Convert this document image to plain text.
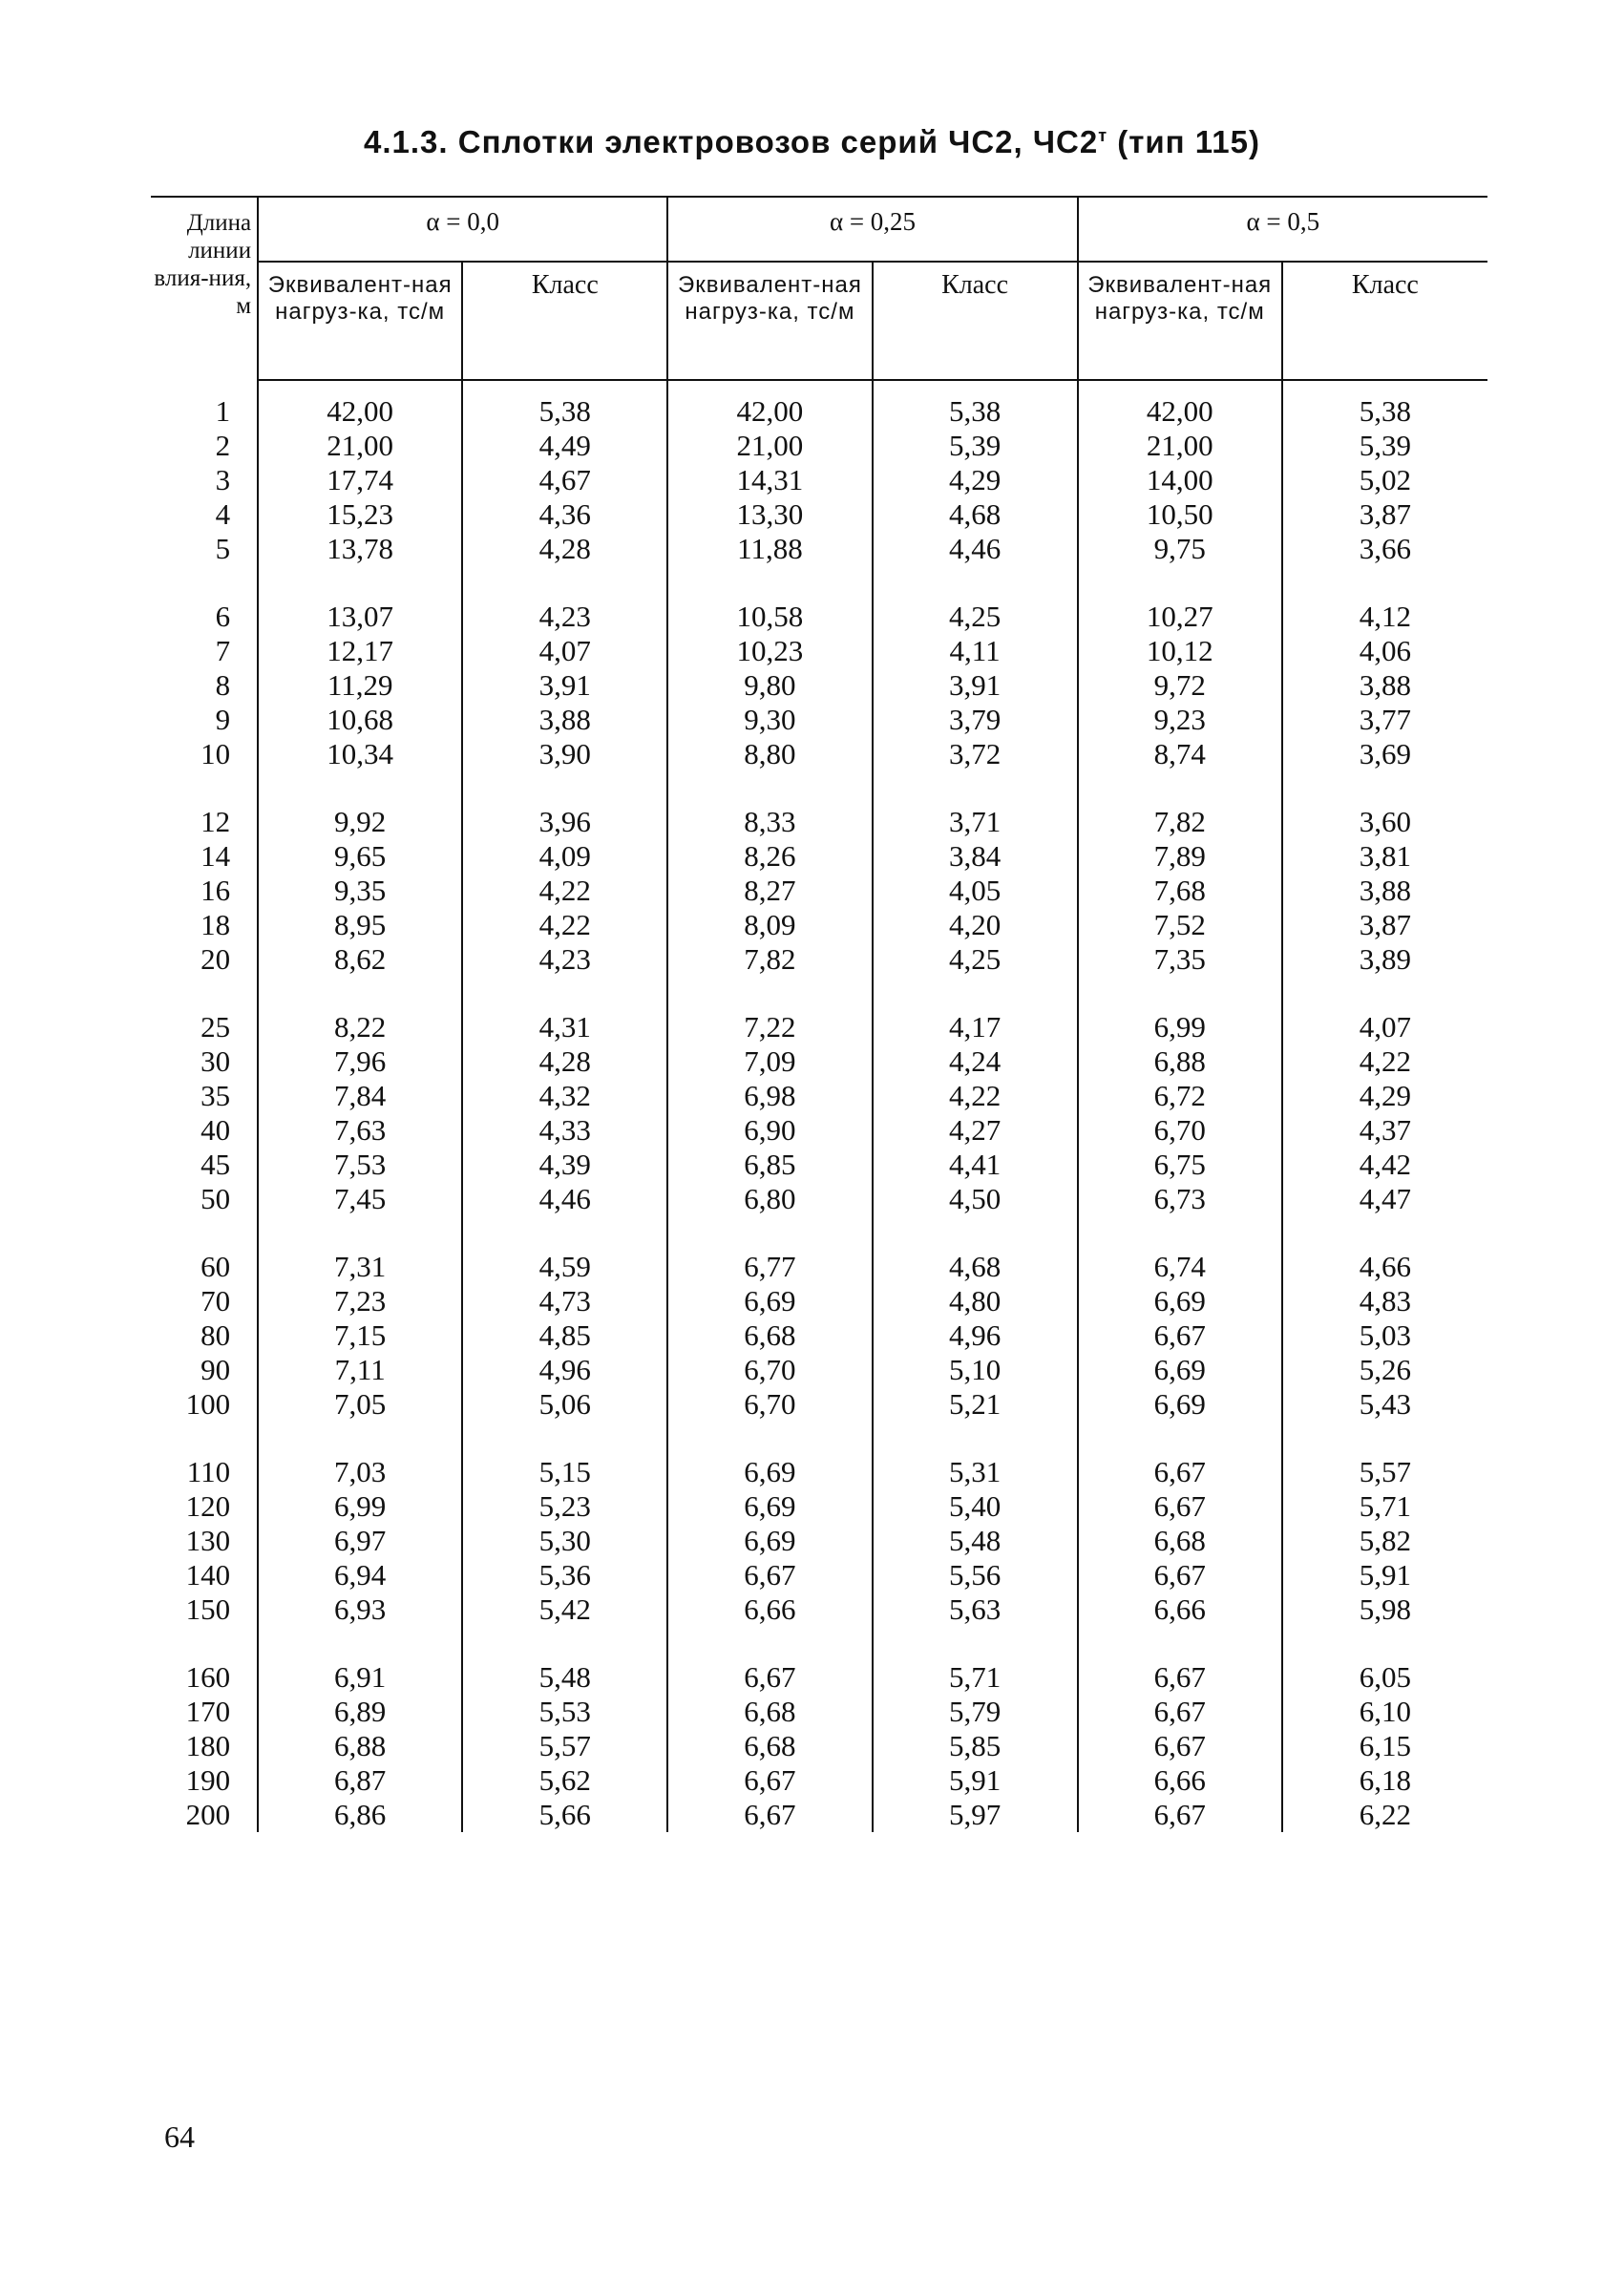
4.1.3. Сплотки электровозов серий ЧС2, $ЧС2^т$ (тип 115)
Длина линии влия-ния, м	α = 0,0		α = 0,25		α = 0,5	
	Эквивалент-ная нагруз-ка, тс/м	Класс	Эквивалент-ная нагруз-ка, тс/м	Класс	Эквивалент-ная нагруз-ка, тс/м	Класс
1	42,00	5,38	42,00	5,38	42,00	5,38
2	21,00	4,49	21,00	5,39	21,00	5,39
3	17,74	4,67	14,31	4,29	14,00	5,02
4	15,23	4,36	13,30	4,68	10,50	3,87
5	13,78	4,28	11,88	4,46	9,75	3,66

6	13,07	4,23	10,58	4,25	10,27	4,12
7	12,17	4,07	10,23	4,11	10,12	4,06
8	11,29	3,91	9,80	3,91	9,72	3,88
9	10,68	3,88	9,30	3,79	9,23	3,77
10	10,34	3,90	8,80	3,72	8,74	3,69

12	9,92	3,96	8,33	3,71	7,82	3,60
14	9,65	4,09	8,26	3,84	7,89	3,81
16	9,35	4,22	8,27	4,05	7,68	3,88
18	8,95	4,22	8,09	4,20	7,52	3,87
20	8,62	4,23	7,82	4,25	7,35	3,89

25	8,22	4,31	7,22	4,17	6,99	4,07
30	7,96	4,28	7,09	4,24	6,88	4,22
35	7,84	4,32	6,98	4,22	6,72	4,29
40	7,63	4,33	6,90	4,27	6,70	4,37
45	7,53	4,39	6,85	4,41	6,75	4,42
50	7,45	4,46	6,80	4,50	6,73	4,47

60	7,31	4,59	6,77	4,68	6,74	4,66
70	7,23	4,73	6,69	4,80	6,69	4,83
80	7,15	4,85	6,68	4,96	6,67	5,03
90	7,11	4,96	6,70	5,10	6,69	5,26
100	7,05	5,06	6,70	5,21	6,69	5,43

110	7,03	5,15	6,69	5,31	6,67	5,57
120	6,99	5,23	6,69	5,40	6,67	5,71
130	6,97	5,30	6,69	5,48	6,68	5,82
140	6,94	5,36	6,67	5,56	6,67	5,91
150	6,93	5,42	6,66	5,63	6,66	5,98

160	6,91	5,48	6,67	5,71	6,67	6,05
170	6,89	5,53	6,68	5,79	6,67	6,10
180	6,88	5,57	6,68	5,85	6,67	6,15
190	6,87	5,62	6,67	5,91	6,66	6,18
200	6,86	5,66	6,67	5,97	6,67	6,22
64
